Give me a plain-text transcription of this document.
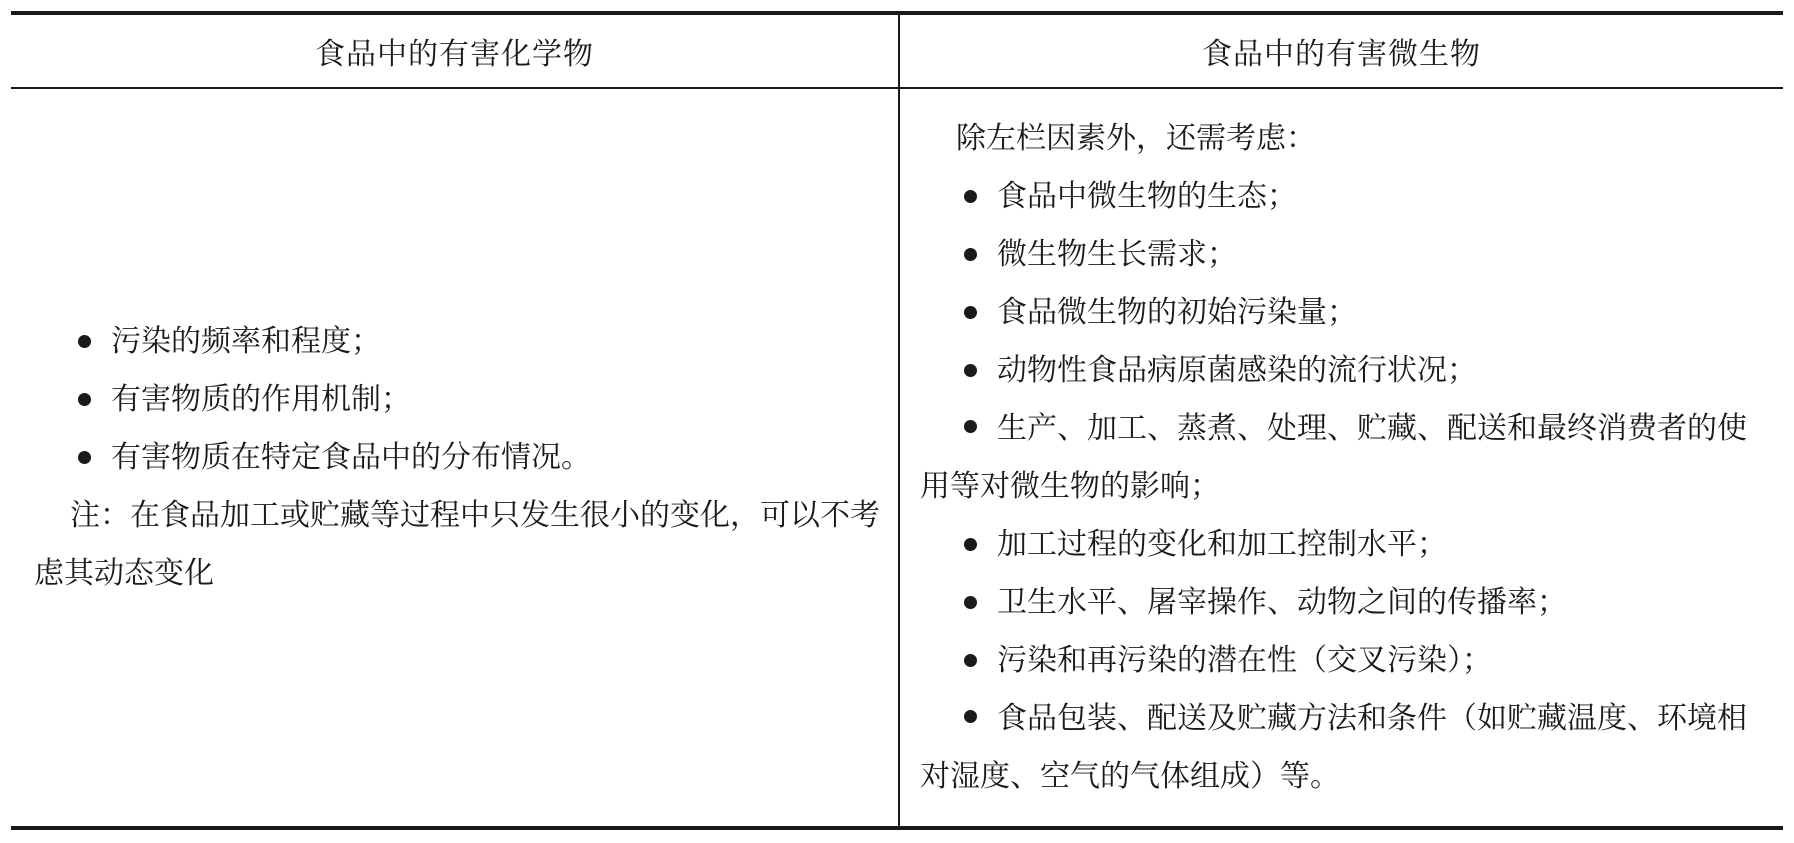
食品中的有害化学物	食品中的有害微生物
污染的频率和程度；
有害物质的作用机制；
有害物质在特定食品中的分布情况。
注：在食品加工或贮藏等过程中只发生很小的变化，可以不考虑其动态变化
除左栏因素外，还需考虑：
食品中微生物的生态；
微生物生长需求；
食品微生物的初始污染量；
动物性食品病原菌感染的流行状况；
生产、加工、蒸煮、处理、贮藏、配送和最终消费者的使用等对微生物的影响；
加工过程的变化和加工控制水平；
卫生水平、屠宰操作、动物之间的传播率；
污染和再污染的潜在性（交叉污染）；
食品包装、配送及贮藏方法和条件（如贮藏温度、环境相对湿度、空气的气体组成）等。
